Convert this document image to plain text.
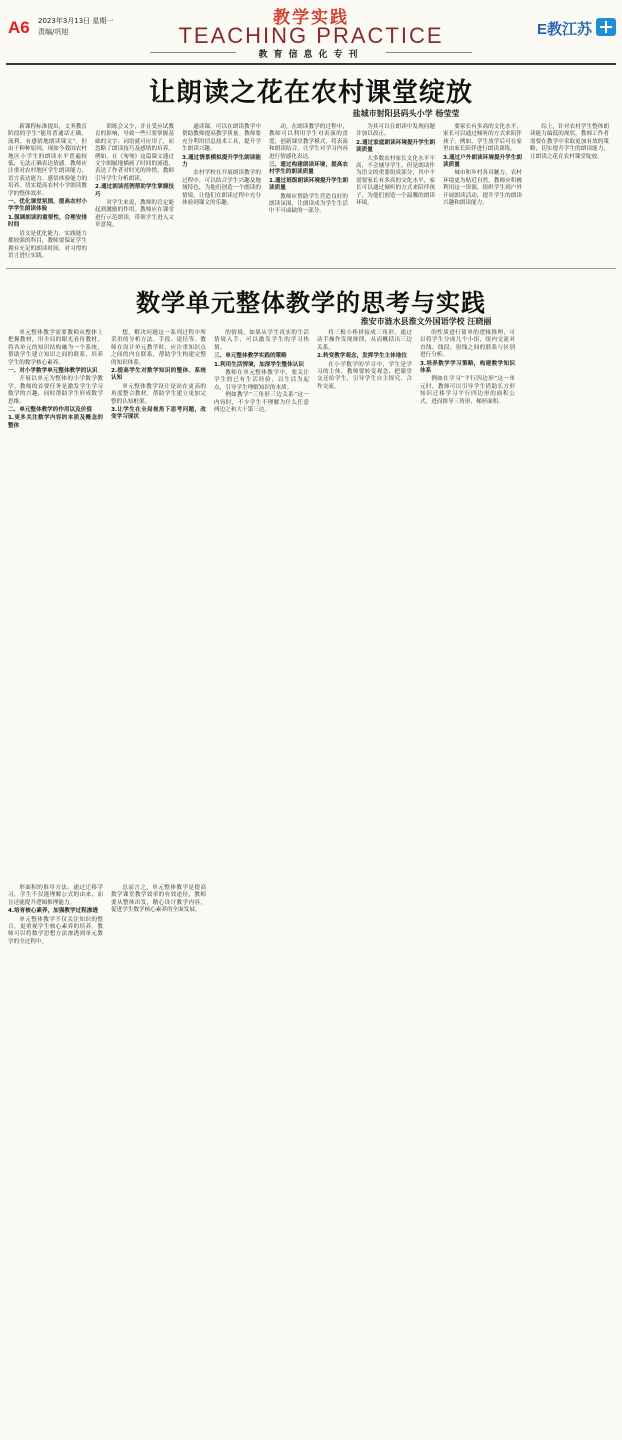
A6 2023年3月13日 星期一
责编/巩旭
教学实践
TEACHING PRACTICE
教育信息化专刊
E教江苏
让朗读之花在农村课堂绽放
盐城市射阳县码头小学 杨莹莹

新课程标准提出，义务教育阶段的学生“能用普通话正确、流利、有感情地朗读课文”。但由于种种原因，现如今我国农村地区小学生的朗读水平普遍较低，无法正确表达情感。教师应注重对农村地区学生朗读能力、语言表达能力、感悟体验能力的培养，切实提高农村小学朗读教学的整体效率。

一、优化课堂氛围，提高农村小学学生朗读体验

1.强调朗读的重要性，合理安排时间

语文是优化能力、实践能力都较强的科目，教师要保证学生拥有充足的朗读时间，对习得的语言进行实践。

训练会又少，并且受应试教育的影响，导致一些只要掌握基础的文字、词语就可应用了，而忽略了朗读技巧及感情的培养。例如，在《匆匆》这篇课文通过文字细腻地描画了时间的流逝，表达了作者对时光的珍惜，教师引导学生分析朗读。

2.通过朗读范例帮助学生掌握技巧

对学生来说，教师的肯定能起到激励的作用。教师应在课堂进行示范朗读，带领学生进入文章意境。

通读课，可以在朗读教学中帮助教师提高教学质量。教师要充分利用信息技术工具，提升学生朗读兴趣。

3.通过情景模拟提升学生朗读能力

农村学校在开展朗读教学的过程中，可以结合学生兴趣及地域特色，为他们创造一个朗读的情境，让他们在朗读过程中充分体验到课文的乐趣。

动，在朗读教学的过程中，教师可以利用学生对表演的喜爱，创新课堂教学模式，将表演和朗读结合，让学生对学习内容进行情感化表达。

三、通过构建朗读环境，提高农村学生的朗读质量

1.通过班级朗读环境提升学生朗读质量

教师应帮助学生营造良好的朗读氛围，让朗读成为学生生活中不可或缺的一部分。

为其可以在朗读中发现问题并加以改正。

2.通过家庭朗读环境提升学生朗读质量

大多数农村家长文化水平不高，不会辅导学生，但是朗读作为语文的重要组成部分，其中不需要家长有多高的文化水平，家长可以通过倾听的方式来陪伴孩子，为他们创造一个温馨的朗读环境。

要家长有多高的文化水平，家长可以通过倾听的方式来陪伴孩子。例如，学生放学后可在家里由家长陪伴进行朗读训练。

3.通过户外朗读环境提升学生朗读质量

城市和乡村各具魅力，农村环境更为贴近自然，教师应积极利用这一资源，组织学生到户外开展朗读活动，提升学生的朗读兴趣和朗读能力。

综上，针对农村学生整体朗读能力偏低的现状，教师工作者需要在教学中采取更加有效的策略，切实提升学生的朗读能力，让朗读之花在农村课堂绽放。

数学单元整体教学的思考与实践
淮安市涟水县淮文外国语学校 汪晓丽

单元整体教学需要教师从整体上把握教材，用全局的眼光看待教材，将各单元的知识结构融为一个系统，帮助学生建立知识之间的联系，培养学生的数学核心素养。

一、对小学数学单元整体教学的认识

开展以单元为整体的小学数学教学，教师的首要任务是激发学生学习数学的兴趣，同时帮助学生形成数学思维。

二、单元整体教学的作用以及价值

1.更多关注数学内容的本质及概念的整体

想，解决问题这一系列过程中所采用的分析方法、手段、途径等。教师在设计单元教学时，应注重知识点之间的内在联系，帮助学生构建完整的知识体系。

2.提高学生对数学知识的整体、系统认知

单元整体教学设计是站在更高的角度整合教材，帮助学生建立更加完整的认知框架。

3.让学生在全局视角下思考问题，改变学习现状

的情境，如果从学生真实的生活情境入手，可以激发学生的学习热情。

三、单元整体教学实践的策略

1.利用生活情境，加深学生整体认识

教师在单元整体教学中，要关注学生的已有生活经验，以生活为起点，引导学生理解知识的本质。

例如教学“三角形三边关系”这一内容时，不少学生不理解为什么任意两边之和大于第三边。

将三根小棒拼接成三角形，通过动手操作发现规律，从而概括出三边关系。

2.转变教学观念，发挥学生主体地位

在小学数学的学习中，学生是学习的主体，教师要转变观念，把课堂交还给学生，引导学生自主探究、合作交流。

的性质进行简单的逻辑推理，可以将学生分成几个小组，组内交流对直线、线段、射线之间的联系与区别进行分析。

3.培养数学学习策略，构建数学知识体系

例如在学习“平行四边形”这一单元时，教师可以引导学生借助长方形知识迁移学习平行四边形的面积公式，进而推导三角形、梯形面积。

形面积的推导方法。通过迁移学习，学生不仅能理解公式的由来，而且还能提升逻辑推理能力。

4.培育核心素养，加强教学过程渗透

单元整体教学不仅关注知识的整合，更重视学生核心素养的培养。教师可以将数学思想方法渗透到单元教学的全过程中。

总而言之，单元整体教学是提高数学课堂教学效率的有效途径，教师要从整体出发，精心设计教学内容，促进学生数学核心素养的全面发展。
